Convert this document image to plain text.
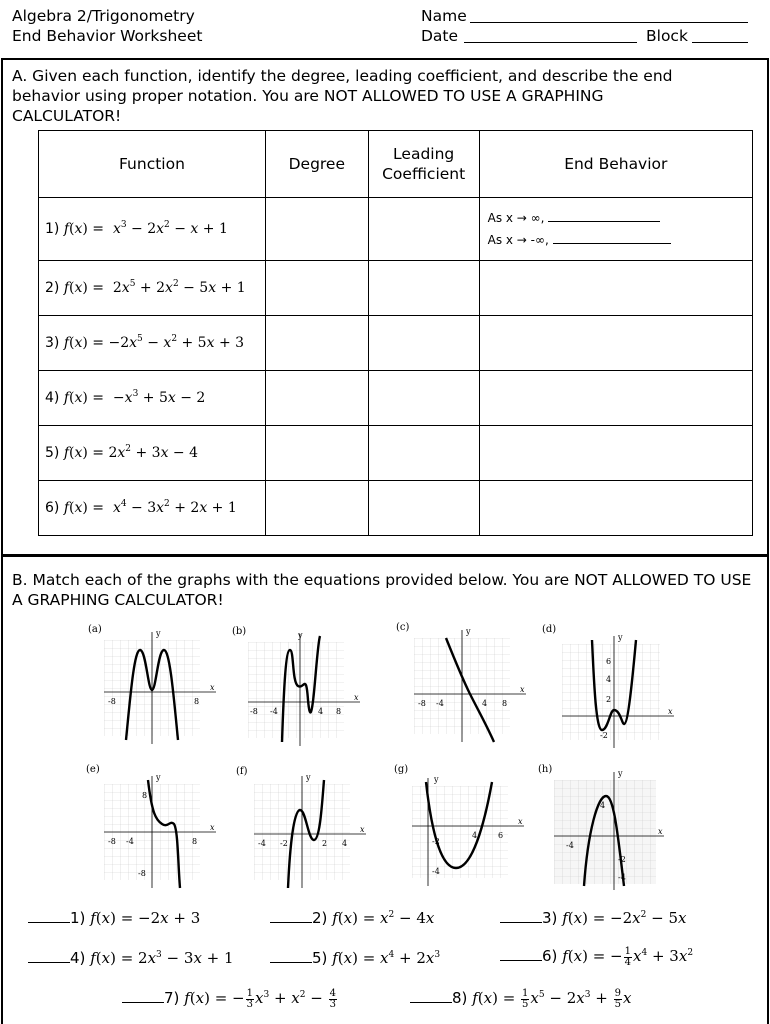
Algebra 2/Trigonometry
End Behavior Worksheet
Name
Date	Block
A. Given each function, identify the degree, leading coefficient, and describe the end behavior using proper notation. You are NOT ALLOWED TO USE A GRAPHING CALCULATOR!
Function	Degree	Leading Coefficient	End Behavior
1) $f(x) = x^3 - 2x^2 - x + 1$			As x → ∞,
As x → -∞,

2) $f(x) = 2x^5 + 2x^2 - 5x + 1$			
3) $f(x) = -2x^5 - x^2 + 5x + 3$			
4) $f(x) = -x^3 + 5x - 2$			
5) $f(x) = 2x^2 + 3x - 4$			
6) $f(x) = x^4 - 3x^2 + 2x + 1$			
B. Match each of the graphs with the equations provided below. You are NOT ALLOWED TO USE A GRAPHING CALCULATOR!
x
y
-8	8	x
y
-8 -4	4 8
x
y
-8 -4	4 8
x
y
6
4
2
-2
x
y
-8 -4	8
8
-8
x
y
-4 -2	2 4
x
y
4	6
-2
-4
x
y
-4
4
-2
-4
(a)	(b)	(c)	(d)
(e)	(f)	(g)	(h)
1) f(x) = −2x + 3	2) $f(x) = x^2 - 4x$	3) $f(x) = -2x^2 - 5x$
4) $f(x) = 2x^3 - 3x + 1$	5) $f(x) = x^4 + 2x^3$	6) f(x) = − $\frac{1}{4} x^4 + 3x^2$
7) f(x) = − $\frac{1}{3} x^3 + x^2 - \frac{4}{3}$	8) $f(x) = \frac{1}{5} x^5 - 2x^3 + \frac{9}{5}$ x
